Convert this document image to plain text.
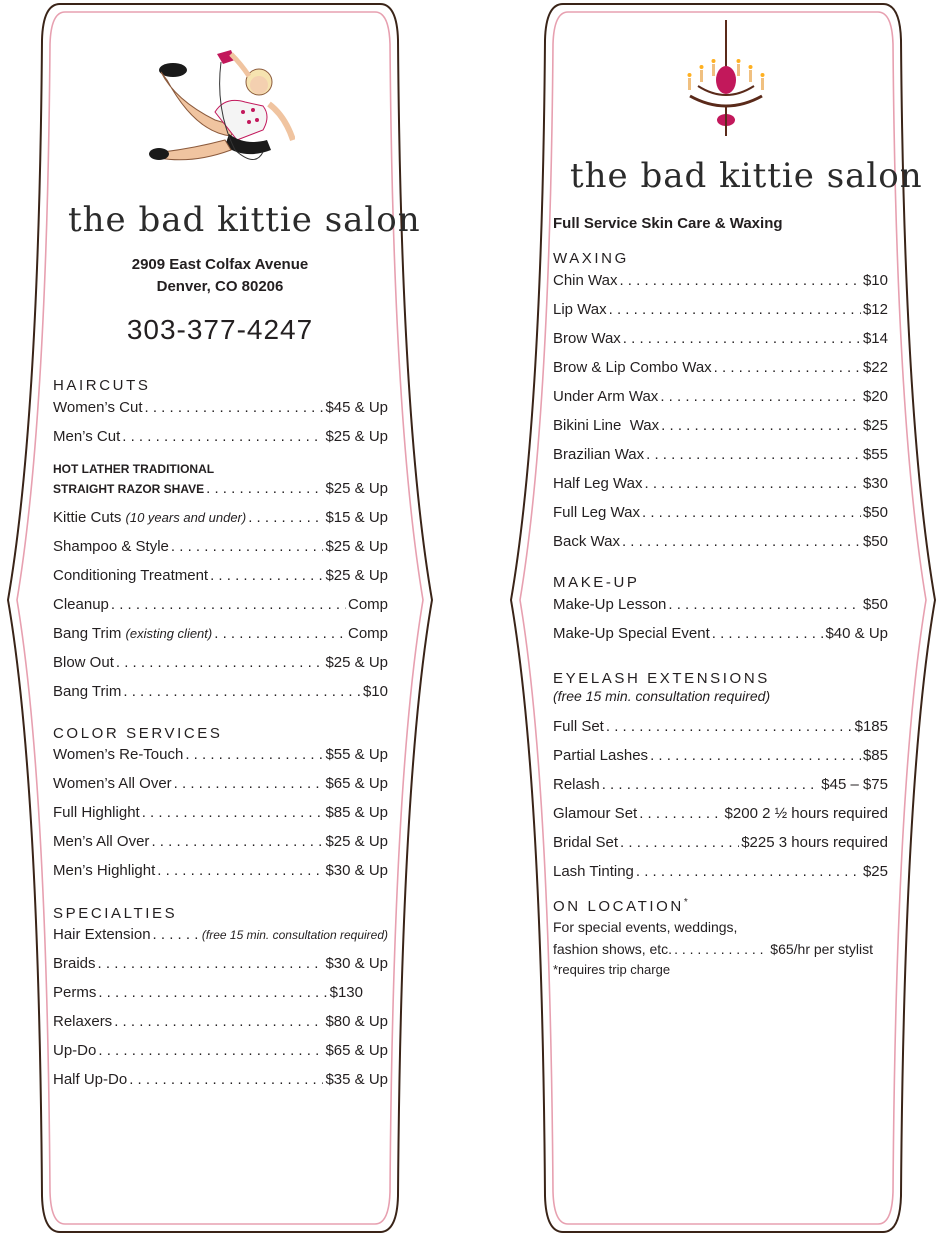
the bad kittie salon
2909 East Colfax Avenue
Denver, CO 80206
303-377-4247
HAIRCUTS
Women’s Cut . . .	$45 & Up
Men’s Cut . . .	$25 & Up
HOT LATHER TRADITIONAL
STRAIGHT RAZOR SHAVE . . .	$25 & Up
Kittie Cuts (10 years and under) . . .	$15 & Up
Shampoo & Style . . .	$25 & Up
Conditioning Treatment . . .	$25 & Up
Cleanup . . .	Comp
Bang Trim (existing client) . . .	Comp
Blow Out . . .	$25 & Up
Bang Trim . . .	$10
COLOR SERVICES
Women’s Re-Touch . . .	$55 & Up
Women’s All Over . . .	$65 & Up
Full Highlight . . .	$85 & Up
Men’s All Over . . .	$25 & Up
Men’s Highlight . . .	$30 & Up
SPECIALTIES
Hair Extension . . .	(free 15 min. consultation required)
Braids . . .	$30 & Up
Perms . . .	$130
Relaxers . . .	$80 & Up
Up-Do . . .	$65 & Up
Half Up-Do . . .	$35 & Up
the bad kittie salon
Full Service Skin Care & Waxing
WAXING
Chin Wax . . .	$10
Lip Wax . . .	$12
Brow Wax . . .	$14
Brow & Lip Combo Wax . . .	$22
Under Arm Wax . . .	$20
Bikini Line  Wax . . .	$25
Brazilian Wax . . .	$55
Half Leg Wax . . .	$30
Full Leg Wax . . .	$50
Back Wax . . .	$50
MAKE-UP
Make-Up Lesson . . .	$50
Make-Up Special Event . . .	$40 & Up
EYELASH EXTENSIONS
(free 15 min. consultation required)
Full Set . . .	$185
Partial Lashes . . .	$85
Relash . . .	$45 – $75
Glamour Set . . .	$200 2 ½ hours required
Bridal Set . . .	$225 3 hours required
Lash Tinting . . .	$25
ON LOCATION*
For special events, weddings,
fashion shows, etc. . . .	$65/hr per stylist
*requires trip charge
